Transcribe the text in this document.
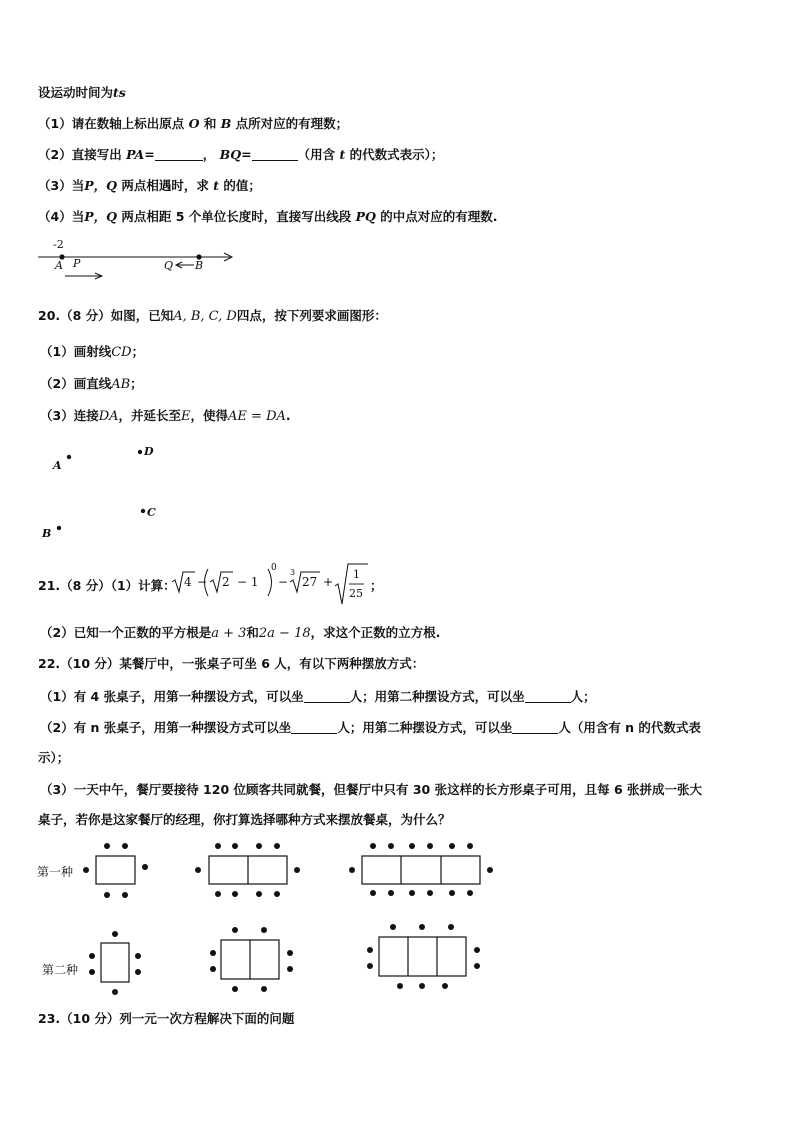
设运动时间为ts
（1）请在数轴上标出原点 O 和 B 点所对应的有理数；
（2）直接写出 PA=	， BQ=	（用含 t 的代数式表示）；
（3）当P，Q 两点相遇时，求 t 的值；
（4）当P，Q 两点相距 5 个单位长度时，直接写出线段 PQ 的中点对应的有理数.
-2
A P	Q B
20.（8 分）如图，已知A, B, C, D四点，按下列要求画图形：
（1）画射线CD；
（2）画直线AB；
（3）连接DA，并延长至E，使得AE = DA.
A
D
C
B
21.（8 分）（1）计算： 4 − 2 − 1
0
−
3
27 +
1
25
；
（2）已知一个正数的平方根是a + 3和2a − 18，求这个正数的立方根.
22.（10 分）某餐厅中，一张桌子可坐 6 人，有以下两种摆放方式：
（1）有 4 张桌子，用第一种摆设方式，可以坐	人；用第二种摆设方式，可以坐	人；
（2）有 n 张桌子，用第一种摆设方式可以坐	人；用第二种摆设方式，可以坐	人（用含有 n 的代数式表
示）；
（3）一天中午，餐厅要接待 120 位顾客共同就餐，但餐厅中只有 30 张这样的长方形桌子可用，且每 6 张拼成一张大
桌子，若你是这家餐厅的经理，你打算选择哪种方式来摆放餐桌，为什么？
第一种
第二种
23.（10 分）列一元一次方程解决下面的问题
